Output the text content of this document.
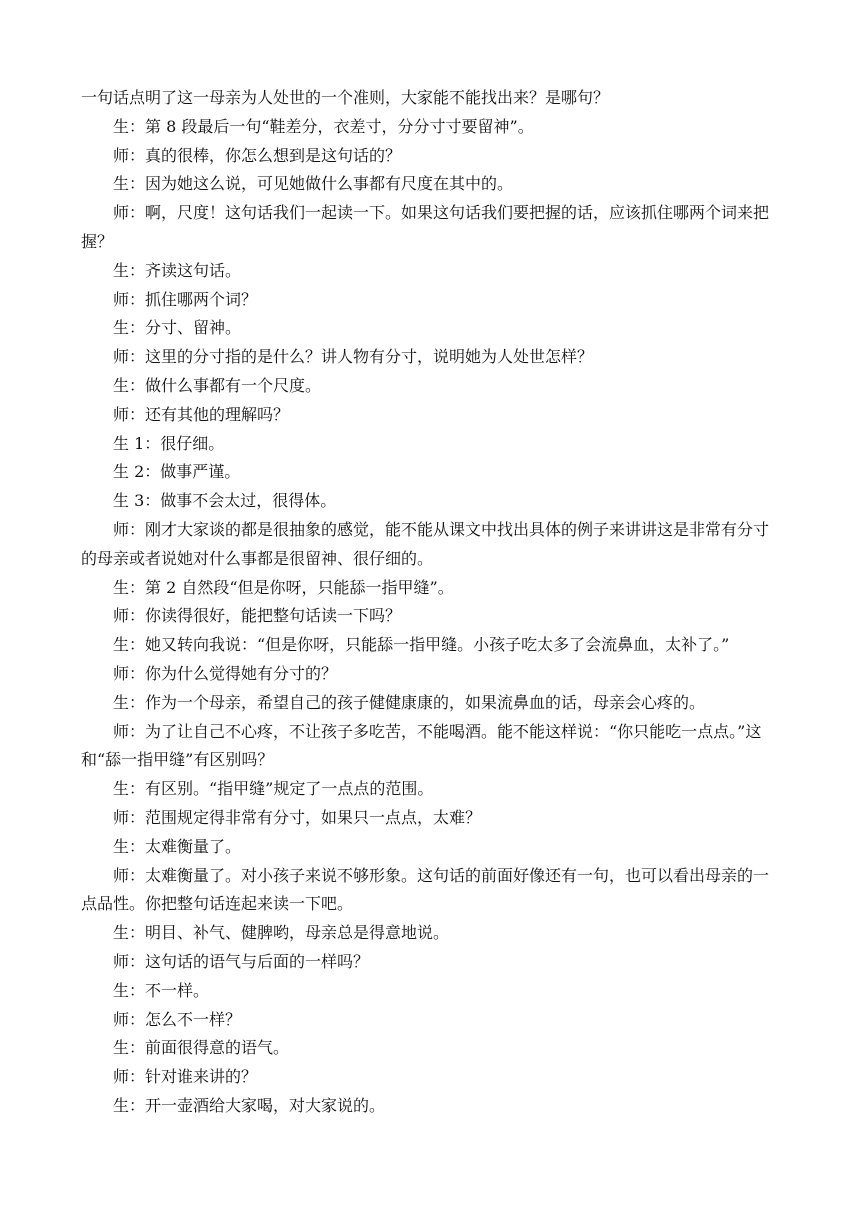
一句话点明了这一母亲为人处世的一个准则，大家能不能找出来？是哪句？

生：第 8 段最后一句“鞋差分，衣差寸，分分寸寸要留神”。

师：真的很棒，你怎么想到是这句话的？

生：因为她这么说，可见她做什么事都有尺度在其中的。

师：啊，尺度！这句话我们一起读一下。如果这句话我们要把握的话，应该抓住哪两个词来把握？

生：齐读这句话。

师：抓住哪两个词？

生：分寸、留神。

师：这里的分寸指的是什么？讲人物有分寸，说明她为人处世怎样？

生：做什么事都有一个尺度。

师：还有其他的理解吗？

生 1：很仔细。

生 2：做事严谨。

生 3：做事不会太过，很得体。

师：刚才大家谈的都是很抽象的感觉，能不能从课文中找出具体的例子来讲讲这是非常有分寸的母亲或者说她对什么事都是很留神、很仔细的。

生：第 2 自然段“但是你呀，只能舔一指甲缝”。

师：你读得很好，能把整句话读一下吗？

生：她又转向我说：“但是你呀，只能舔一指甲缝。小孩子吃太多了会流鼻血，太补了。”

师：你为什么觉得她有分寸的？

生：作为一个母亲，希望自己的孩子健健康康的，如果流鼻血的话，母亲会心疼的。

师：为了让自己不心疼，不让孩子多吃苦，不能喝酒。能不能这样说：“你只能吃一点点。”这和“舔一指甲缝”有区别吗？

生：有区别。“指甲缝”规定了一点点的范围。

师：范围规定得非常有分寸，如果只一点点，太难？

生：太难衡量了。

师：太难衡量了。对小孩子来说不够形象。这句话的前面好像还有一句，也可以看出母亲的一点品性。你把整句话连起来读一下吧。

生：明目、补气、健脾哟，母亲总是得意地说。

师：这句话的语气与后面的一样吗？

生：不一样。

师：怎么不一样？

生：前面很得意的语气。

师：针对谁来讲的？

生：开一壶酒给大家喝，对大家说的。
